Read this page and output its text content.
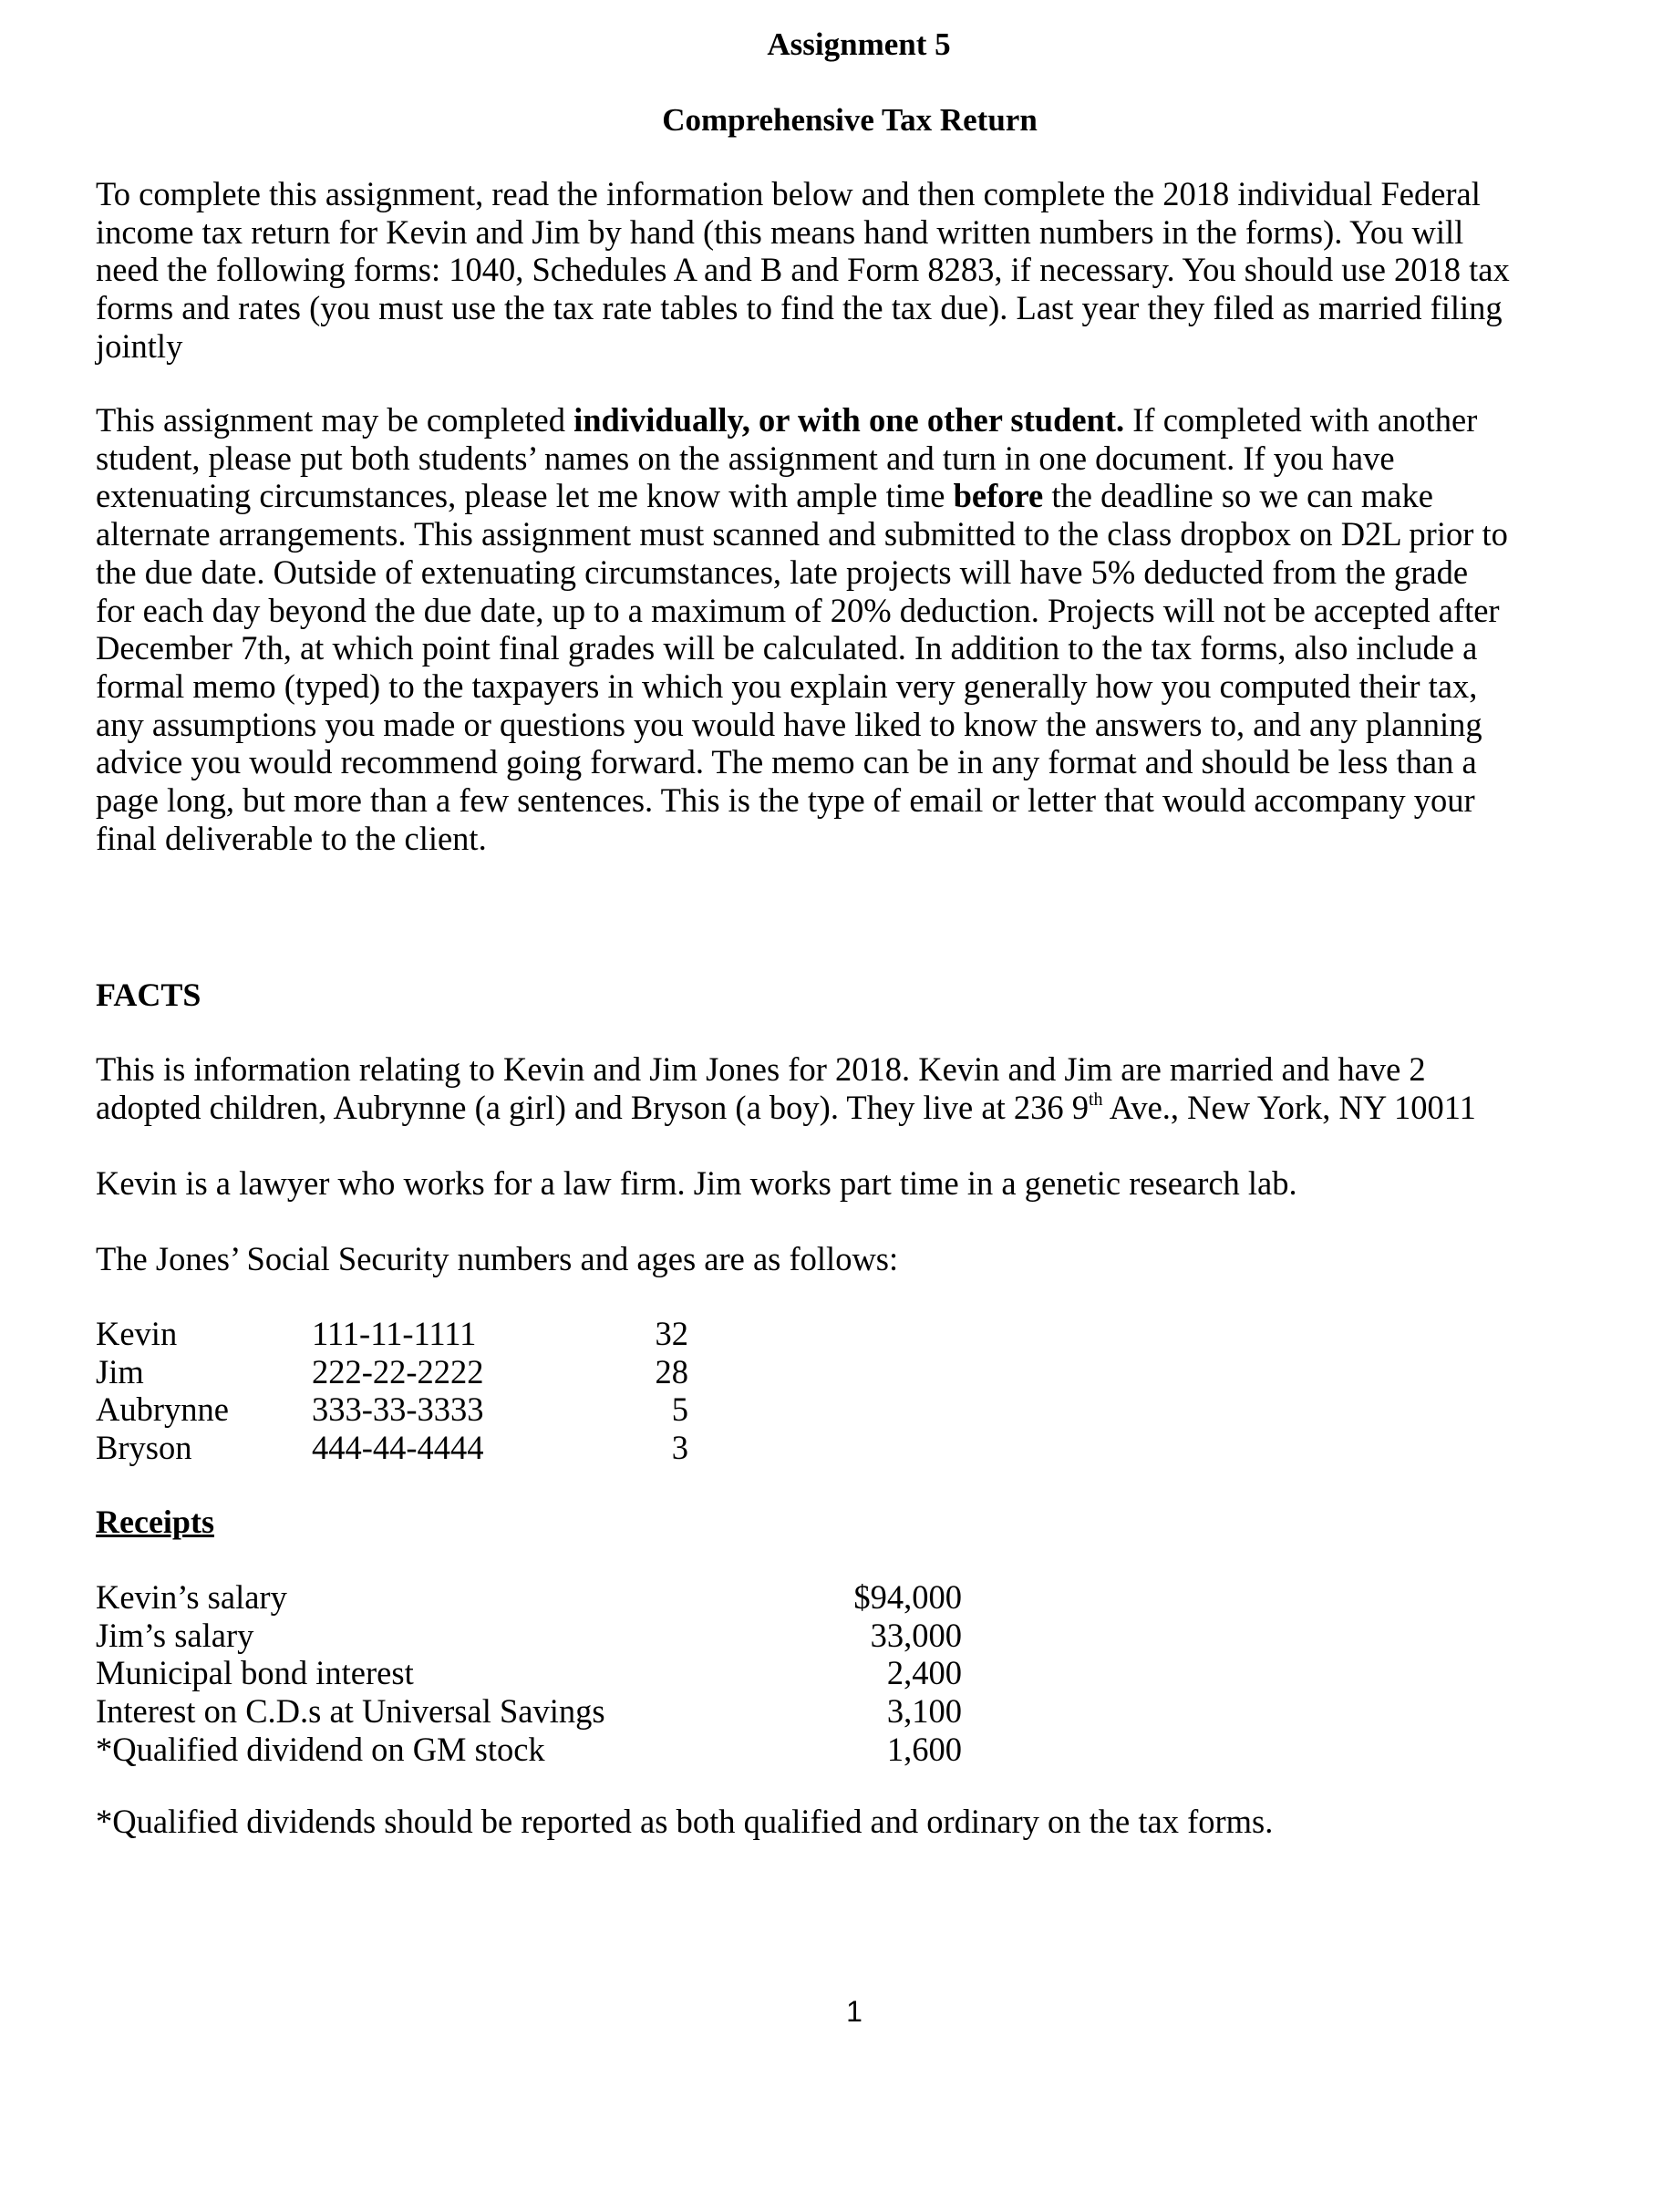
Assignment 5
Comprehensive Tax Return

To complete this assignment, read the information below and then complete the 2018 individual Federal
income tax return for Kevin and Jim by hand (this means hand written numbers in the forms). You will
need the following forms: 1040, Schedules A and B and Form 8283, if necessary. You should use 2018 tax
forms and rates (you must use the tax rate tables to find the tax due). Last year they filed as married filing
jointly

This assignment may be completed individually, or with one other student. If completed with another
student, please put both students’ names on the assignment and turn in one document. If you have
extenuating circumstances, please let me know with ample time before the deadline so we can make
alternate arrangements. This assignment must scanned and submitted to the class dropbox on D2L prior to
the due date. Outside of extenuating circumstances, late projects will have 5% deducted from the grade
for each day beyond the due date, up to a maximum of 20% deduction. Projects will not be accepted after
December 7th, at which point final grades will be calculated. In addition to the tax forms, also include a
formal memo (typed) to the taxpayers in which you explain very generally how you computed their tax,
any assumptions you made or questions you would have liked to know the answers to, and any planning
advice you would recommend going forward. The memo can be in any format and should be less than a
page long, but more than a few sentences. This is the type of email or letter that would accompany your
final deliverable to the client.

FACTS

This is information relating to Kevin and Jim Jones for 2018. Kevin and Jim are married and have 2
adopted children, Aubrynne (a girl) and Bryson (a boy). They live at 236 9th Ave., New York, NY 10011

Kevin is a lawyer who works for a law firm. Jim works part time in a genetic research lab.

The Jones’ Social Security numbers and ages are as follows:

Kevin	111-11-1111	32
Jim	222-22-2222	28
Aubrynne 333-33-3333	5
Bryson	444-44-4444	3
Receipts
Kevin’s salary	$94,000
Jim’s salary	33,000
Municipal bond interest	2,400
Interest on C.D.s at Universal Savings	3,100
*Qualified dividend on GM stock	1,600

*Qualified dividends should be reported as both qualified and ordinary on the tax forms.

1
